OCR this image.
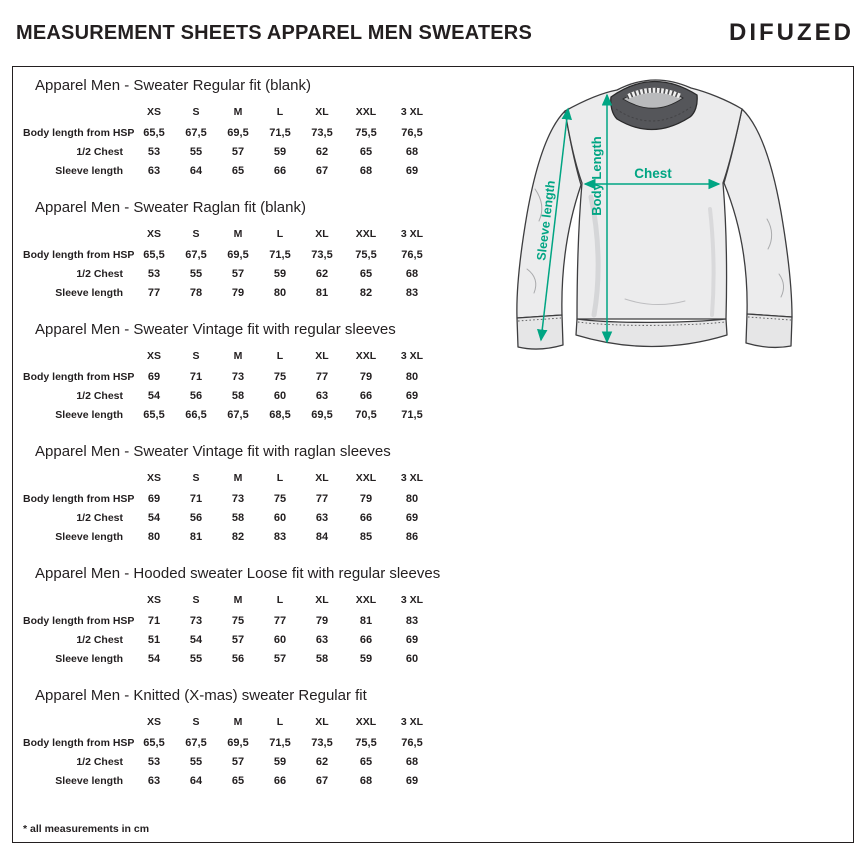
MEASUREMENT SHEETS APPAREL MEN SWEATERS	DIFUZED
Apparel Men - Sweater Regular fit (blank)
XS	S	M	L	XL	XXL	3 XL
Body length from HSP 65,5	67,5	69,5	71,5	73,5	75,5	76,5
1/2 Chest	53	55	57	59	62	65	68
Sleeve length	63	64	65	66	67	68	69
Apparel Men - Sweater Raglan fit (blank)
XS	S	M	L	XL	XXL	3 XL
Body length from HSP 65,5	67,5	69,5	71,5	73,5	75,5	76,5
1/2 Chest	53	55	57	59	62	65	68
Sleeve length	77	78	79	80	81	82	83
Apparel Men - Sweater Vintage fit with regular sleeves
XS	S	M	L	XL	XXL	3 XL
Body length from HSP	69	71	73	75	77	79	80
1/2 Chest	54	56	58	60	63	66	69
Sleeve length	65,5	66,5	67,5	68,5	69,5	70,5	71,5
Apparel Men - Sweater Vintage fit with raglan sleeves
XS	S	M	L	XL	XXL	3 XL
Body length from HSP	69	71	73	75	77	79	80
1/2 Chest	54	56	58	60	63	66	69
Sleeve length	80	81	82	83	84	85	86
Apparel Men - Hooded sweater Loose fit with regular sleeves
XS	S	M	L	XL	XXL	3 XL
Body length from HSP	71	73	75	77	79	81	83
1/2 Chest	51	54	57	60	63	66	69
Sleeve length	54	55	56	57	58	59	60
Apparel Men - Knitted (X-mas) sweater Regular fit
XS	S	M	L	XL	XXL	3 XL
Body length from HSP 65,5	67,5	69,5	71,5	73,5	75,5	76,5
1/2 Chest	53	55	57	59	62	65	68
Sleeve length	63	64	65	66	67	68	69
Body Length Chest
Sleeve length
* all measurements in cm
